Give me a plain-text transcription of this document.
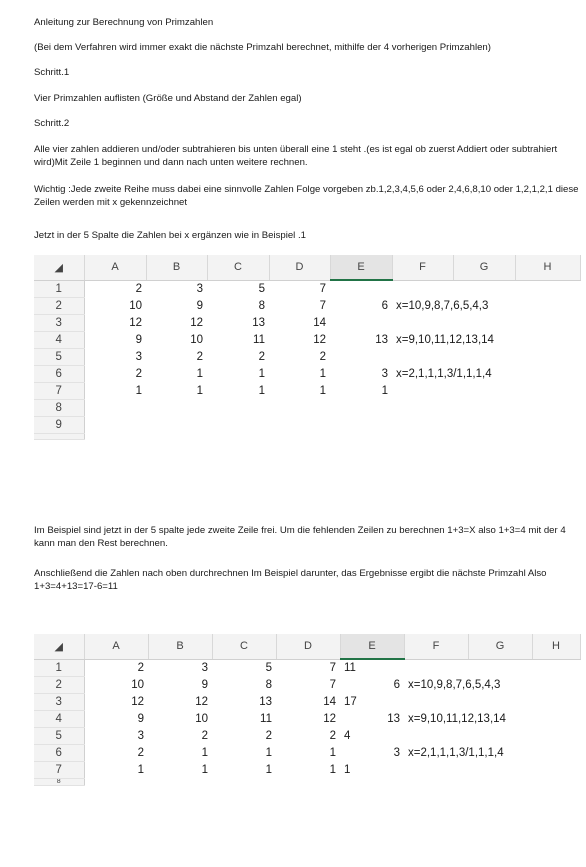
Anleitung zur Berechnung von Primzahlen

(Bei dem Verfahren wird immer exakt die nächste Primzahl berechnet, mithilfe der 4 vorherigen Primzahlen)

Schritt.1

Vier Primzahlen auflisten (Größe und Abstand der Zahlen egal)

Schritt.2

Alle vier zahlen addieren und/oder subtrahieren bis unten überall eine 1 steht .(es ist egal ob zuerst Addiert oder subtrahiert wird)Mit Zeile 1 beginnen und dann nach unten weitere rechnen.

Wichtig :Jede zweite Reihe muss dabei eine sinnvolle Zahlen Folge vorgeben zb.1,2,3,4,5,6 oder 2,4,6,8,10 oder 1,2,1,2,1 diese Zeilen werden mit x gekennzeichnet

Jetzt in der 5 Spalte die Zahlen bei x ergänzen wie in Beispiel .1

◢	A	B	C	D	E	F	G	H
1	2	3	5	7				
2	10	9	8	7	6	x=10,9,8,7,6,5,4,3		
3	12	12	13	14				
4	9	10	11	12	13	x=9,10,11,12,13,14		
5	3	2	2	2				
6	2	1	1	1	3	x=2,1,1,1,3/1,1,1,4		
7	1	1	1	1	1			
8								
9								

Im Beispiel sind jetzt in der 5 spalte jede zweite Zeile frei. Um die fehlenden Zeilen zu berechnen 1+3=X also 1+3=4 mit der 4 kann man den Rest berechnen.

Anschließend die Zahlen nach oben durchrechnen Im Beispiel darunter, das Ergebnisse ergibt die nächste Primzahl Also 1+3=4+13=17-6=11

◢	A	B	C	D	E	F	G	H
1	2	3	5	7	11			
2	10	9	8	7	6	x=10,9,8,7,6,5,4,3		
3	12	12	13	14	17			
4	9	10	11	12	13	x=9,10,11,12,13,14		
5	3	2	2	2	4			
6	2	1	1	1	3	x=2,1,1,1,3/1,1,1,4		
7	1	1	1	1	1			
8								
